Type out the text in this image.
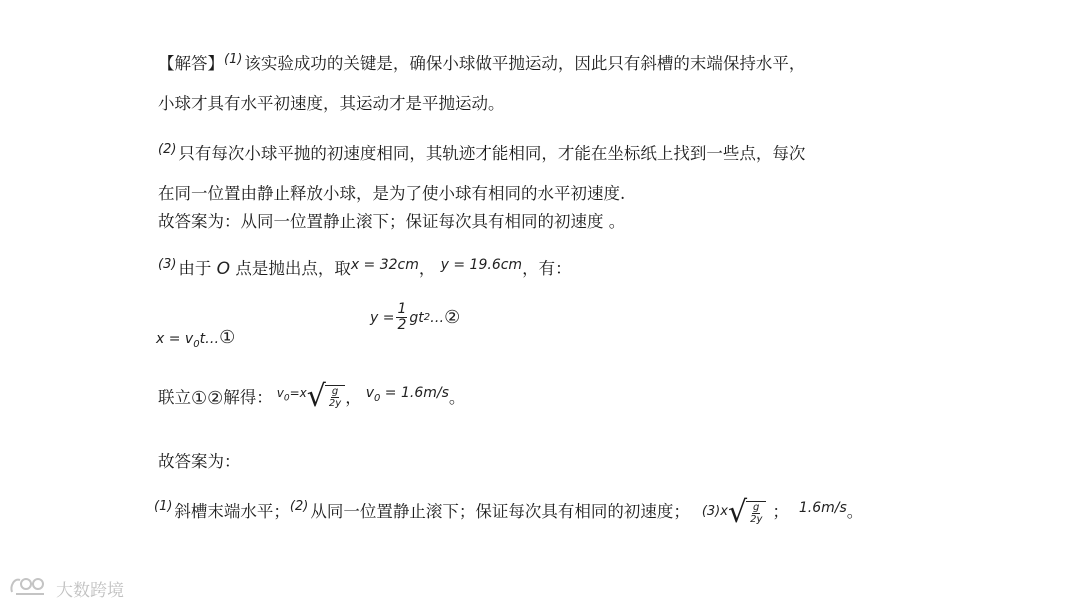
【解答】$^{(1)}$ 该实验成功的关键是，确保小球做平抛运动，因此只有斜槽的末端保持水平，
小球才具有水平初速度，其运动才是平抛运动。
$^{(2)}$ 只有每次小球平抛的初速度相同，其轨迹才能相同，才能在坐标纸上找到一些点，每次
在同一位置由静止释放小球，是为了使小球有相同的水平初速度.
故答案为：从同一位置静止滚下；保证每次具有相同的初速度 。
$^{(3)}$ 由于 O 点是抛出点，取$^{x = 32cm}$， $^{y = 19.6cm}$，有：
$x = v_0t\dots ①$
$y = \frac{1}{2}$ gt 2 … ②
联立 ① ② 解得： $v_0=x$ √ $\frac{g}{2y}$ ， $v_0 = 1.6m/s$ 。
故答案为：
(1) 斜槽末端水平； (2) 从同一位置静止滚下；保证每次具有相同的初速度； (3)x √ $\frac{g}{2y}$ ； 1.6m/s 。
大数跨境
